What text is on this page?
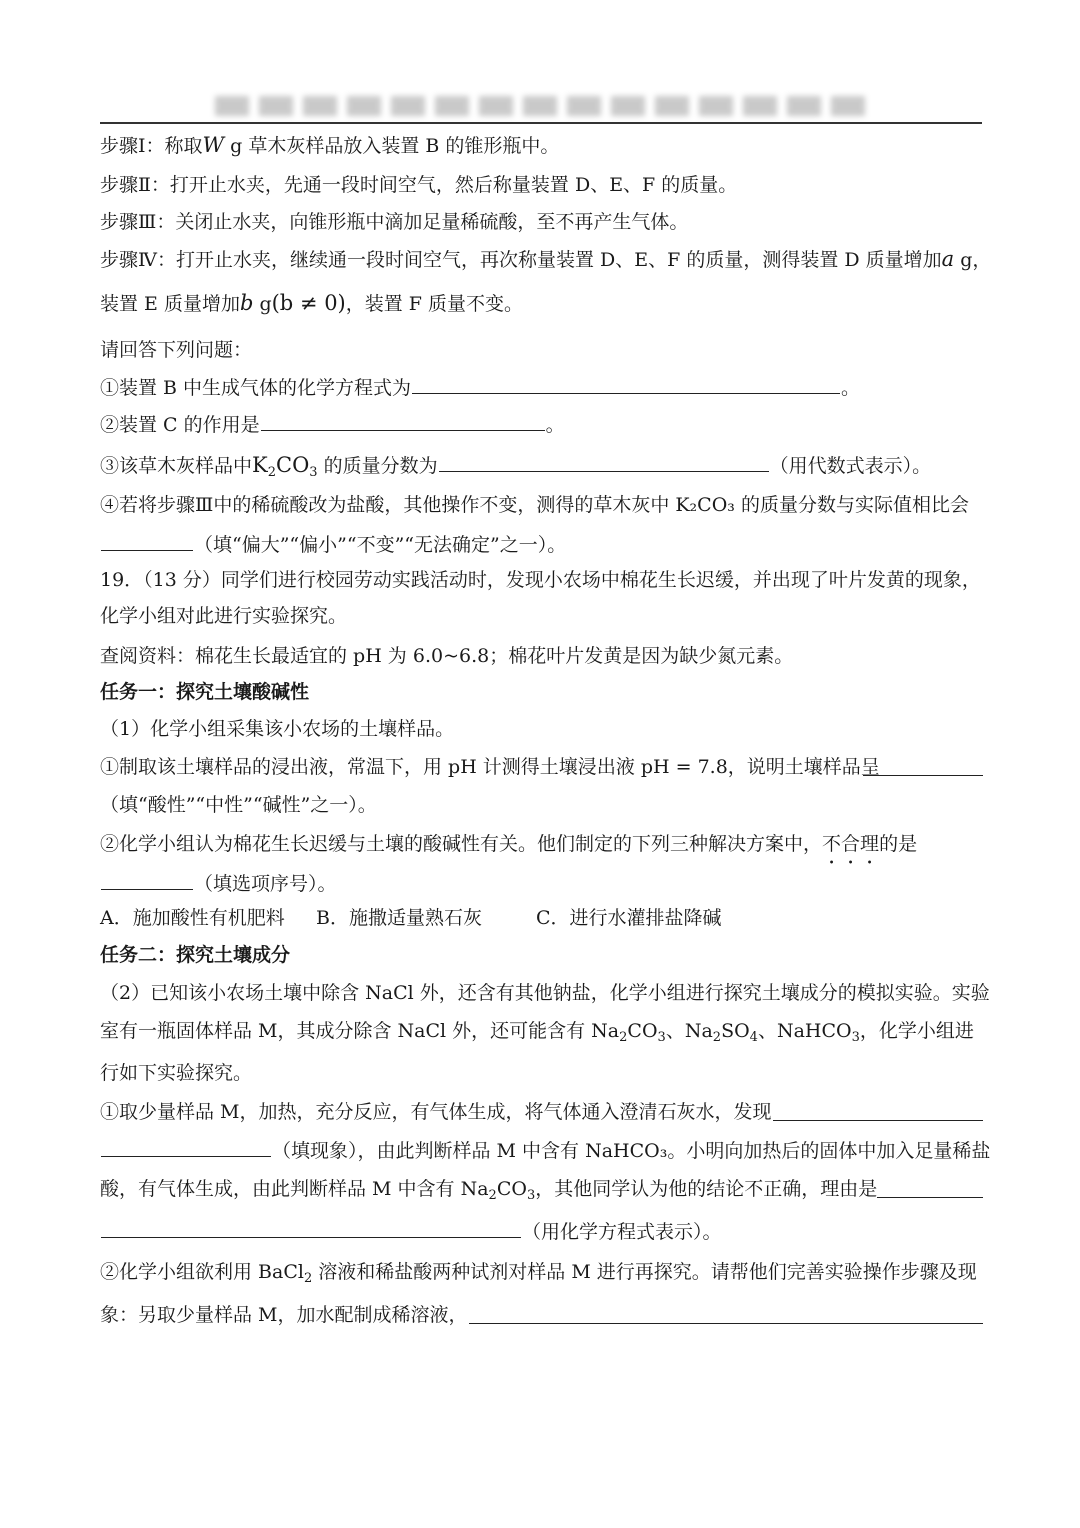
步骤Ⅰ：称取W g 草木灰样品放入装置 B 的锥形瓶中。
步骤Ⅱ：打开止水夹，先通一段时间空气，然后称量装置 D、E、F 的质量。
步骤Ⅲ：关闭止水夹，向锥形瓶中滴加足量稀硫酸，至不再产生气体。
步骤Ⅳ：打开止水夹，继续通一段时间空气，再次称量装置 D、E、F 的质量，测得装置 D 质量增加a g，
装置 E 质量增加b g(b ≠ 0)，装置 F 质量不变。
请回答下列问题：
①装置 B 中生成气体的化学方程式为	。
②装置 C 的作用是	。
③该草木灰样品中$K_2CO_3$ 的质量分数为	（用代数式表示）。
④若将步骤Ⅲ中的稀硫酸改为盐酸，其他操作不变，测得的草木灰中 K₂CO₃ 的质量分数与实际值相比会
（填“偏大”“偏小”“不变”“无法确定”之一）。
19．（13 分）同学们进行校园劳动实践活动时，发现小农场中棉花生长迟缓，并出现了叶片发黄的现象，
化学小组对此进行实验探究。
查阅资料：棉花生长最适宜的 pH 为 6.0~6.8；棉花叶片发黄是因为缺少氮元素。
任务一：探究土壤酸碱性
（1）化学小组采集该小农场的土壤样品。
①制取该土壤样品的浸出液，常温下，用 pH 计测得土壤浸出液 pH = 7.8，说明土壤样品呈
（填“酸性”“中性”“碱性”之一）。
②化学小组认为棉花生长迟缓与土壤的酸碱性有关。他们制定的下列三种解决方案中，不合理的是
（填选项序号）。
A．施加酸性有机肥料 B．施撒适量熟石灰	C．进行水灌排盐降碱
任务二：探究土壤成分
（2）已知该小农场土壤中除含 NaCl 外，还含有其他钠盐，化学小组进行探究土壤成分的模拟实验。实验
室有一瓶固体样品 M，其成分除含 NaCl 外，还可能含有 $Na_2CO_3$、$Na_2SO_4$、NaHCO$_3$，化学小组进
行如下实验探究。
①取少量样品 M，加热，充分反应，有气体生成，将气体通入澄清石灰水，发现
（填现象），由此判断样品 M 中含有 NaHCO₃。小明向加热后的固体中加入足量稀盐
酸，有气体生成，由此判断样品 M 中含有 $Na_2CO_3$，其他同学认为他的结论不正确，理由是
（用化学方程式表示）。
②化学小组欲利用 BaCl$_2$ 溶液和稀盐酸两种试剂对样品 M 进行再探究。请帮他们完善实验操作步骤及现
象：另取少量样品 M，加水配制成稀溶液，
